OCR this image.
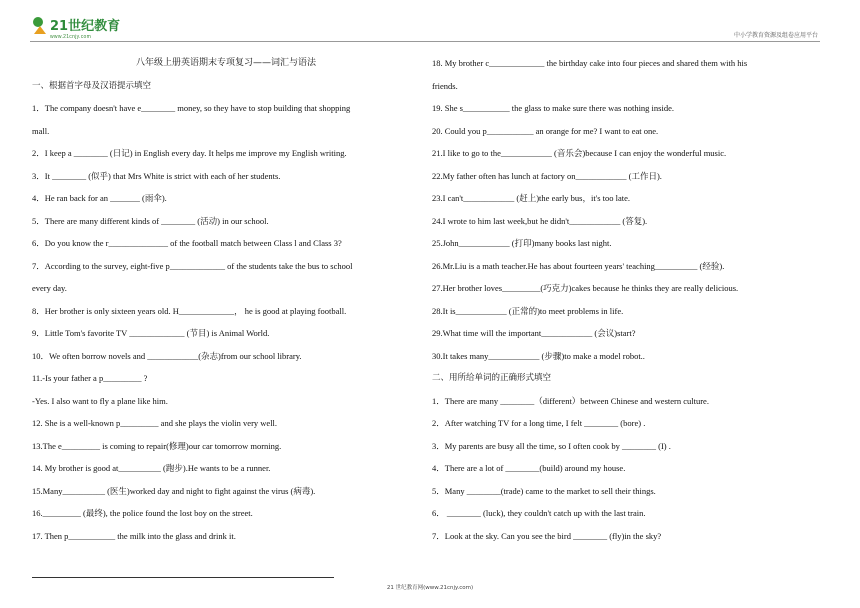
21世纪教育
www.21cnjy.com	中小学教育资源及组卷应用平台
八年级上册英语期末专项复习——词汇与语法
一、根据首字母及汉语提示填空
1．The company doesn't have e________ money, so they have to stop building that shopping
mall.
2．I keep a ________ (日记) in English every day. It helps me improve my English writing.
3．It ________ (似乎) that Mrs White is strict with each of her students.
4．He ran back for an _______ (雨伞).
5．There are many different kinds of ________ (活动) in our school.
6．Do you know the r______________ of the football match between Class l and Class 3?
7．According to the survey, eight-five p_____________ of the students take the bus to school
every day.
8．Her brother is only sixteen years old. H_____________， he is good at playing football.
9．Little Tom's favorite TV _____________ (节目) is Animal World.
10．We often borrow novels and ____________(杂志)from our school library.
11.-Is your father a p_________ ?
-Yes. I also want to fly a plane like him.
12. She is a well-known p_________ and she plays the violin very well.
13.The e_________ is coming to repair(修理)our car tomorrow morning.
14. My brother is good at__________ (跑步).He wants to be a runner.
15.Many__________ (医生)worked day and night to fight against the virus (病毒).
16._________ (最终), the police found the lost boy on the street.
17. Then p___________ the milk into the glass and drink it.
18. My brother c_____________ the birthday cake into four pieces and shared them with his
friends.
19. She s___________ the glass to make sure there was nothing inside.
20. Could you p___________ an orange for me? I want to eat one.
21.I like to go to the____________ (音乐会)because I can enjoy the wonderful music.
22.My father often has lunch at factory on____________ (工作日).
23.I can't____________ (赶上)the early bus，it's too late.
24.I wrote to him last week,but he didn't____________ (答复).
25.John____________ (打印)many books last night.
26.Mr.Liu is a math teacher.He has about fourteen years' teaching__________ (经验).
27.Her brother loves_________(巧克力)cakes because he thinks they are really delicious.
28.It is____________ (正常的)to meet problems in life.
29.What time will the important____________ (会议)start?
30.It takes many____________ (步骤)to make a model robot..
二、用所给单词的正确形式填空
1．There are many ________（different）between Chinese and western culture.
2．After watching TV for a long time, I felt ________ (bore) .
3．My parents are busy all the time, so I often cook by ________ (I) .
4．There are a lot of ________(build) around my house.
5．Many ________(trade) came to the market to sell their things.
6． ________ (luck), they couldn't catch up with the last train.
7．Look at the sky. Can you see the bird ________ (fly)in the sky?
21 世纪教育网(www.21cnjy.com)
